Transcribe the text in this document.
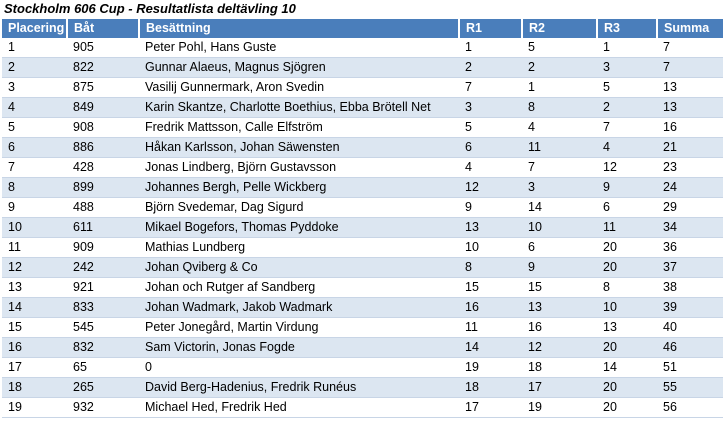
Stockholm 606 Cup - Resultatlista deltävling 10
Placering	Båt	Besättning	R1	R2	R3	Summa
1	905	Peter Pohl, Hans Guste	1	5	1	7
2	822	Gunnar Alaeus, Magnus Sjögren	2	2	3	7
3	875	Vasilij Gunnermark, Aron Svedin	7	1	5	13
4	849	Karin Skantze, Charlotte Boethius, Ebba Brötell Net	3	8	2	13
5	908	Fredrik Mattsson, Calle Elfström	5	4	7	16
6	886	Håkan Karlsson, Johan Säwensten	6	11	4	21
7	428	Jonas Lindberg, Björn Gustavsson	4	7	12	23
8	899	Johannes Bergh, Pelle Wickberg	12	3	9	24
9	488	Björn Svedemar, Dag Sigurd	9	14	6	29
10	611	Mikael Bogefors, Thomas Pyddoke	13	10	11	34
11	909	Mathias Lundberg	10	6	20	36
12	242	Johan Qviberg & Co	8	9	20	37
13	921	Johan och Rutger af Sandberg	15	15	8	38
14	833	Johan Wadmark, Jakob Wadmark	16	13	10	39
15	545	Peter Jonegård, Martin Virdung	11	16	13	40
16	832	Sam Victorin, Jonas Fogde	14	12	20	46
17	65	0	19	18	14	51
18	265	David Berg-Hadenius, Fredrik Runéus	18	17	20	55
19	932	Michael Hed, Fredrik Hed	17	19	20	56
